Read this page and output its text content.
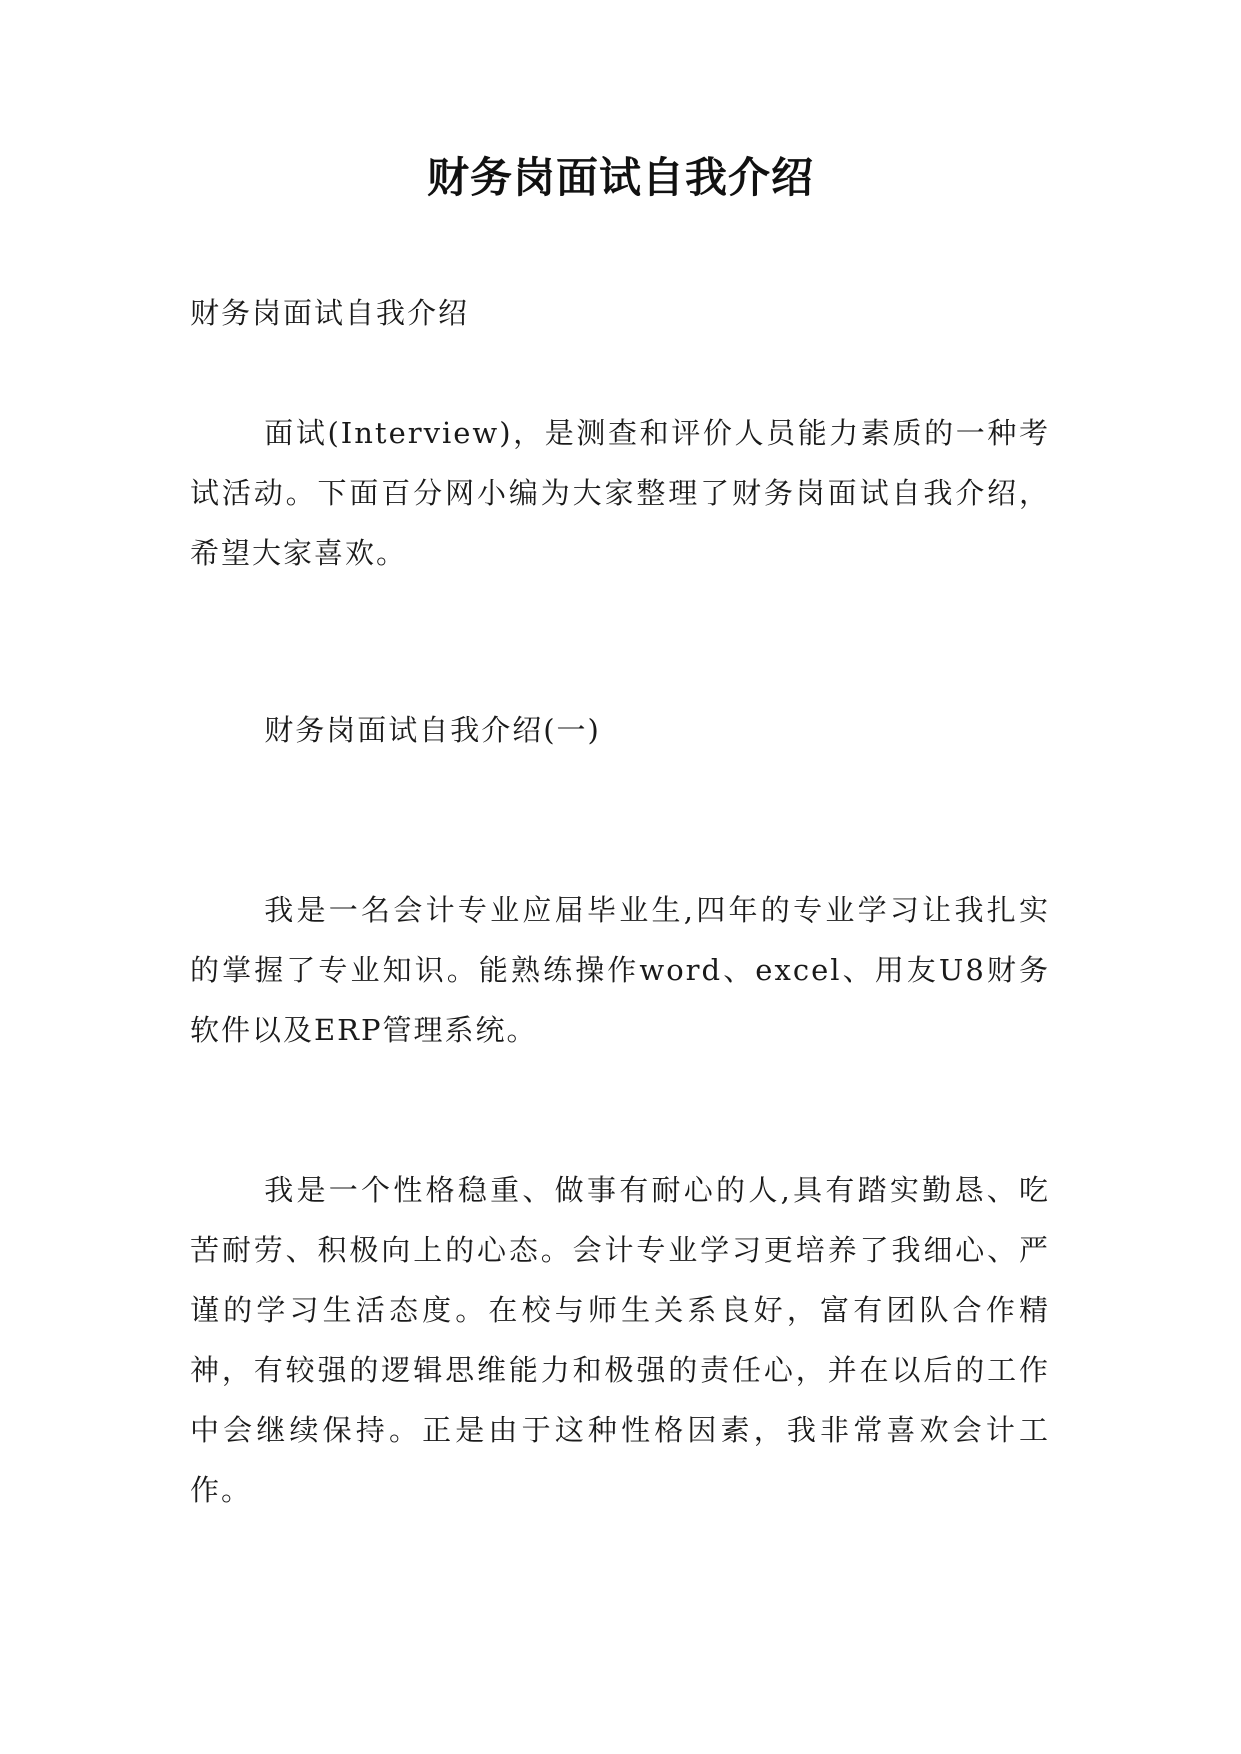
财务岗面试自我介绍
财务岗面试自我介绍

面试(Interview)，是测查和评价人员能力素质的一种考试活动。下面百分网小编为大家整理了财务岗面试自我介绍，希望大家喜欢。

财务岗面试自我介绍(一)

我是一名会计专业应届毕业生,四年的专业学习让我扎实的掌握了专业知识。能熟练操作word、excel、用友U8财务软件以及ERP管理系统。

我是一个性格稳重、做事有耐心的人,具有踏实勤恳、吃苦耐劳、积极向上的心态。会计专业学习更培养了我细心、严谨的学习生活态度。在校与师生关系良好，富有团队合作精神，有较强的逻辑思维能力和极强的责任心，并在以后的工作中会继续保持。正是由于这种性格因素，我非常喜欢会计工作。
